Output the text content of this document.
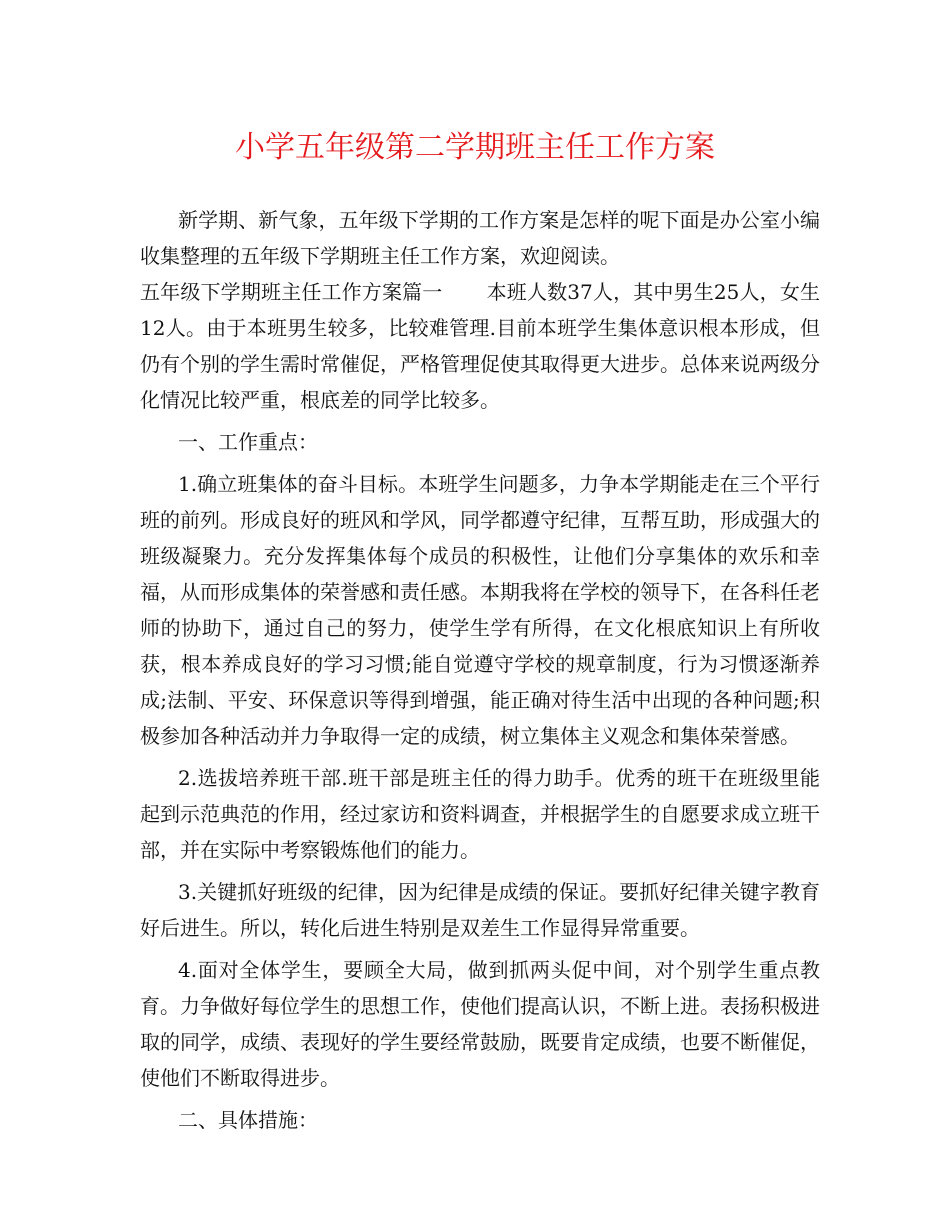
小学五年级第二学期班主任工作方案

新学期、新气象，五年级下学期的工作方案是怎样的呢下面是办公室小编收集整理的五年级下学期班主任工作方案，欢迎阅读。

五年级下学期班主任工作方案篇一 本班人数37人，其中男生25人，女生12人。由于本班男生较多，比较难管理.目前本班学生集体意识根本形成，但仍有个别的学生需时常催促，严格管理促使其取得更大进步。总体来说两级分化情况比较严重，根底差的同学比较多。

一、工作重点：

1.确立班集体的奋斗目标。本班学生问题多，力争本学期能走在三个平行班的前列。形成良好的班风和学风，同学都遵守纪律，互帮互助，形成强大的班级凝聚力。充分发挥集体每个成员的积极性，让他们分享集体的欢乐和幸福，从而形成集体的荣誉感和责任感。本期我将在学校的领导下，在各科任老师的协助下，通过自己的努力，使学生学有所得，在文化根底知识上有所收获，根本养成良好的学习习惯;能自觉遵守学校的规章制度，行为习惯逐渐养成;法制、平安、环保意识等得到增强，能正确对待生活中出现的各种问题;积极参加各种活动并力争取得一定的成绩，树立集体主义观念和集体荣誉感。

2.选拔培养班干部.班干部是班主任的得力助手。优秀的班干在班级里能起到示范典范的作用，经过家访和资料调查，并根据学生的自愿要求成立班干部，并在实际中考察锻炼他们的能力。

3.关键抓好班级的纪律，因为纪律是成绩的保证。要抓好纪律关键字教育好后进生。所以，转化后进生特别是双差生工作显得异常重要。

4.面对全体学生，要顾全大局，做到抓两头促中间，对个别学生重点教育。力争做好每位学生的思想工作，使他们提高认识，不断上进。表扬积极进取的同学，成绩、表现好的学生要经常鼓励，既要肯定成绩，也要不断催促，使他们不断取得进步。

二、具体措施：
